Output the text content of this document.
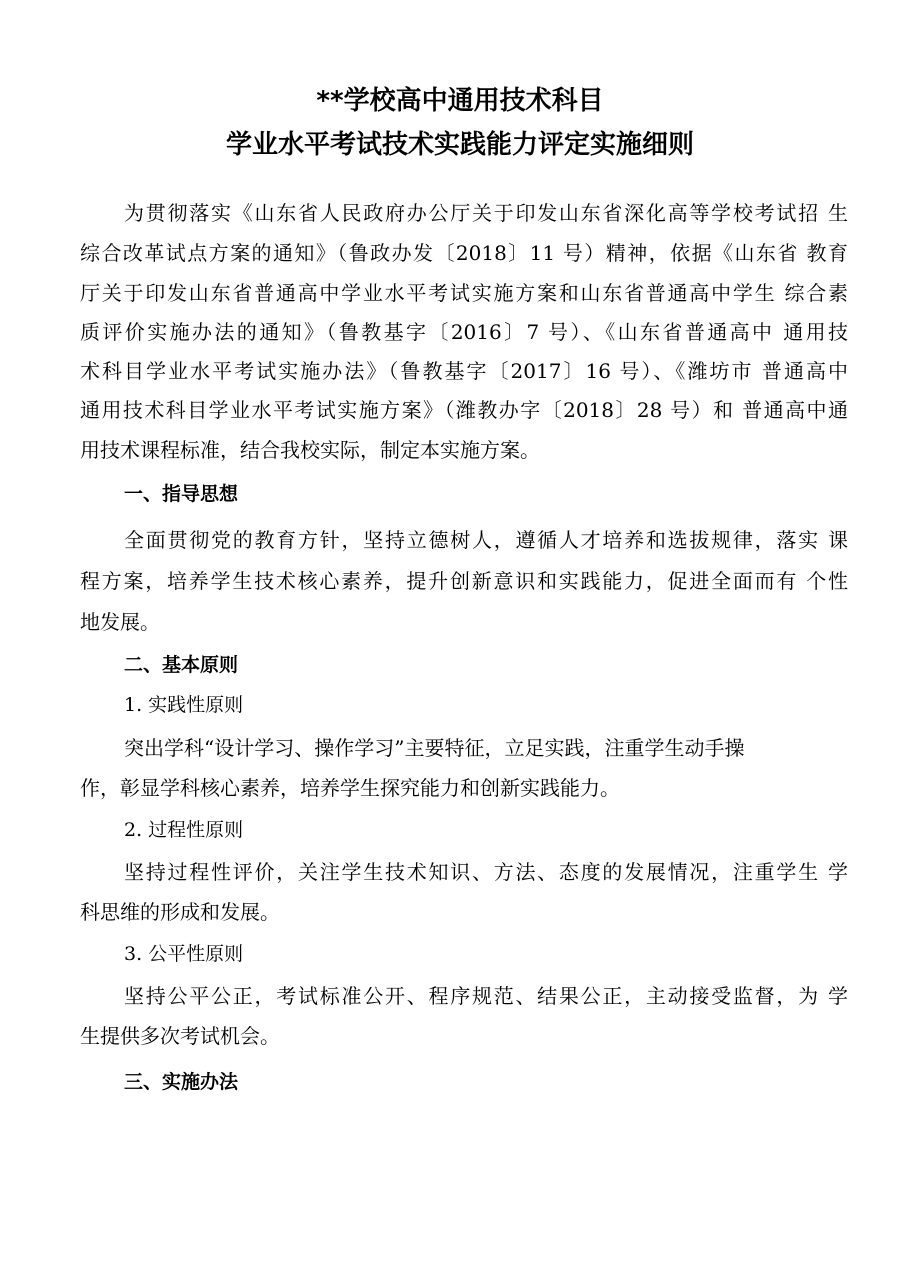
**学校高中通用技术科目
学业水平考试技术实践能力评定实施细则
为贯彻落实《山东省人民政府办公厅关于印发山东省深化高等学校考试招 生
综合改革试点方案的通知》（鲁政办发〔2018〕11 号）精神，依据《山东省 教育
厅关于印发山东省普通高中学业水平考试实施方案和山东省普通高中学生 综合素
质评价实施办法的通知》（鲁教基字〔2016〕7 号）、《山东省普通高中 通用技
术科目学业水平考试实施办法》（鲁教基字〔2017〕16 号）、《潍坊市 普通高中
通用技术科目学业水平考试实施方案》（潍教办字〔2018〕28 号）和 普通高中通
用技术课程标准，结合我校实际，制定本实施方案。
一、指导思想
全面贯彻党的教育方针，坚持立德树人，遵循人才培养和选拔规律，落实 课
程方案，培养学生技术核心素养，提升创新意识和实践能力，促进全面而有 个性
地发展。
二、基本原则
1. 实践性原则
突出学科“设计学习、操作学习”主要特征，立足实践，注重学生动手操
作，彰显学科核心素养，培养学生探究能力和创新实践能力。
2. 过程性原则
坚持过程性评价，关注学生技术知识、方法、态度的发展情况，注重学生 学
科思维的形成和发展。
3. 公平性原则
坚持公平公正，考试标准公开、程序规范、结果公正，主动接受监督，为 学
生提供多次考试机会。
三、实施办法
